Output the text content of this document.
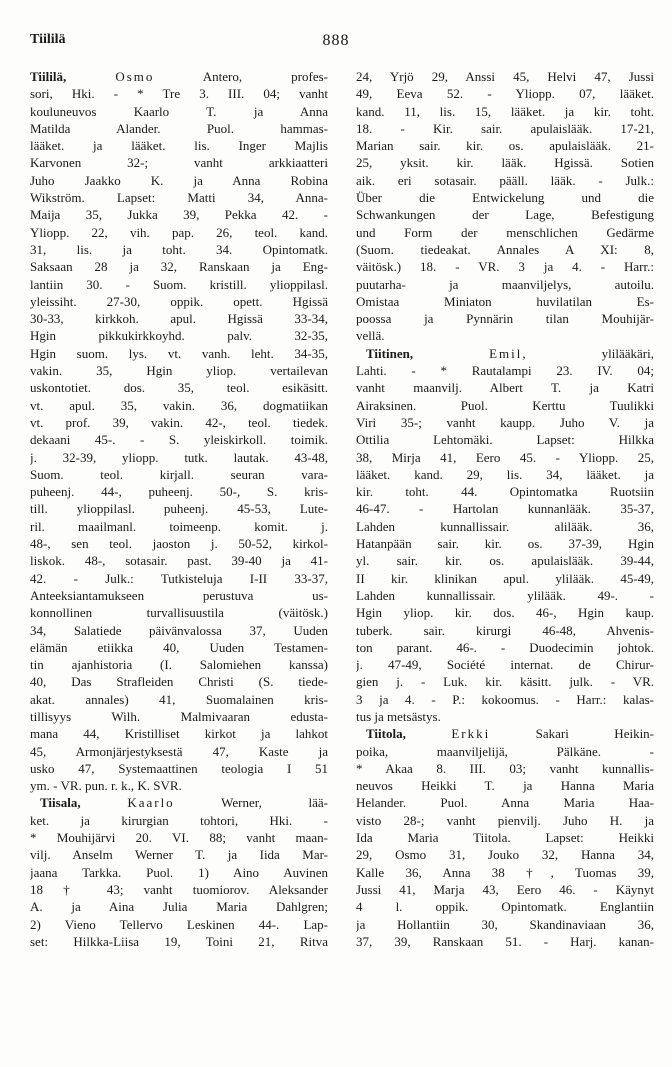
Tiililä	888
Tiililä,	Osmo Antero, profes-
sori, Hki. - * Tre 3. III. 04; vanht
kouluneuvos Kaarlo T. ja Anna
Matilda Alander. Puol. hammas-
lääket. ja lääket. lis. Inger Majlis
Karvonen 32-; vanht arkkiaatteri
Juho Jaakko K. ja Anna Robina
Wikström. Lapset: Matti 34, Anna-
Maija 35, Jukka 39, Pekka 42. -
Yliopp. 22, vih. pap. 26, teol. kand.
31, lis. ja toht. 34. Opintomatk.
Saksaan 28 ja 32, Ranskaan ja Eng-
lantiin 30. - Suom. kristill. ylioppilasl.
yleissiht. 27-30, oppik. opett. Hgissä
30-33, kirkkoh. apul. Hgissä 33-34,
Hgin pikkukirkkoyhd. palv. 32-35,
Hgin suom. lys. vt. vanh. leht. 34-35,
vakin. 35, Hgin yliop. vertailevan
uskontotiet. dos. 35, teol. esikäsitt.
vt. apul. 35, vakin. 36, dogmatiikan
vt. prof. 39, vakin. 42-, teol. tiedek.
dekaani 45-. - S. yleiskirkoll. toimik.
j. 32-39, yliopp. tutk. lautak. 43-48,
Suom. teol. kirjall. seuran vara-
puheenj. 44-, puheenj. 50-, S. kris-
till. ylioppilasl. puheenj. 45-53, Lute-
ril. maailmanl. toimeenp. komit. j.
48-, sen teol. jaoston j. 50-52, kirkol-
liskok. 48-, sotasair. past. 39-40 ja 41-
42. - Julk.: Tutkisteluja I-II 33-37,
Anteeksiantamukseen perustuva us-
konnollinen turvallisuustila (väitösk.)
34, Salatiede päivänvalossa 37, Uuden
elämän etiikka 40, Uuden Testamen-
tin ajanhistoria (I. Salomiehen kanssa)
40, Das Strafleiden Christi (S. tiede-
akat. annales) 41, Suomalainen kris-
tillisyys Wilh. Malmivaaran edusta-
mana 44, Kristilliset kirkot ja lahkot
45, Armonjärjestyksestä 47, Kaste ja
usko 47, Systemaattinen teologia I 51
ym. - VR. pun. r. k., K. SVR.
Tiisala,	Kaarlo Werner, lää-
ket. ja kirurgian tohtori, Hki. -
* Mouhijärvi 20. VI. 88; vanht maan-
vilj. Anselm Werner T. ja Iida Mar-
jaana Tarkka. Puol. 1) Aino Auvinen
18 † 43; vanht tuomiorov. Aleksander
A. ja Aina Julia Maria Dahlgren;
2) Vieno Tellervo Leskinen 44-. Lap-
set: Hilkka-Liisa 19, Toini 21, Ritva
24, Yrjö 29, Anssi 45, Helvi 47, Jussi
49, Eeva 52. - Yliopp. 07, lääket.
kand. 11, lis. 15, lääket. ja kir. toht.
18. - Kir. sair. apulaislääk. 17-21,
Marian sair. kir. os. apulaislääk. 21-
25, yksit. kir. lääk. Hgissä. Sotien
aik. eri sotasair. pääll. lääk. - Julk.:
Über die Entwickelung und die
Schwankungen der Lage, Befestigung
und Form der menschlichen Gedärme
(Suom. tiedeakat. Annales A XI: 8,
väitösk.) 18. - VR. 3 ja 4. - Harr.:
puutarha- ja maanviljelys, autoilu.
Omistaa Miniaton huvilatilan Es-
poossa ja Pynnärin tilan Mouhijär-
vellä.
Tiitinen,	Emil, ylilääkäri,
Lahti. - * Rautalampi 23. IV. 04;
vanht maanvilj. Albert T. ja Katri
Airaksinen. Puol. Kerttu Tuulikki
Viri 35-; vanht kaupp. Juho V. ja
Ottilia Lehtomäki. Lapset: Hilkka
38, Mirja 41, Eero 45. - Yliopp. 25,
lääket. kand. 29, lis. 34, lääket. ja
kir. toht. 44. Opintomatka Ruotsiin
46-47. - Hartolan kunnanlääk. 35-37,
Lahden kunnallissair. alilääk. 36,
Hatanpään sair. kir. os. 37-39, Hgin
yl. sair. kir. os. apulaislääk. 39-44,
II kir. klinikan apul. ylilääk. 45-49,
Lahden kunnallissair. ylilääk. 49-. -
Hgin yliop. kir. dos. 46-, Hgin kaup.
tuberk. sair. kirurgi 46-48, Ahvenis-
ton parant. 46-. - Duodecimin johtok.
j. 47-49, Société internat. de Chirur-
gien j. - Luk. kir. käsitt. julk. - VR.
3 ja 4. - P.: kokoomus. - Harr.: kalas-
tus ja metsästys.
Tiitola,	Erkki Sakari Heikin-
poika, maanviljelijä, Pälkäne. -
* Akaa 8. III. 03; vanht kunnallis-
neuvos Heikki T. ja Hanna Maria
Helander. Puol. Anna Maria Haa-
visto 28-; vanht pienvilj. Juho H. ja
Ida Maria Tiitola. Lapset: Heikki
29, Osmo 31, Jouko 32, Hanna 34,
Kalle 36, Anna 38 †, Tuomas 39,
Jussi 41, Marja 43, Eero 46. - Käynyt
4 l. oppik. Opintomatk. Englantiin
ja Hollantiin 30, Skandinaviaan 36,
37, 39, Ranskaan 51. - Harj. kanan-
